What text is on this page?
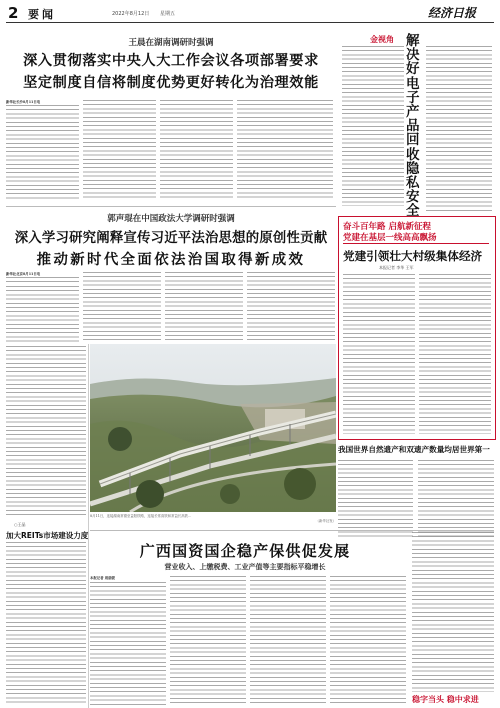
2 要闻	2022年8月12日 星期五	经济日报
王晨在湖南调研时强调
深入贯彻落实中央人大工作会议各项部署要求
坚定制度自信将制度优势更好转化为治理效能
新华社长沙8月11日电
金视角 解决好电子产品回收隐私安全
郭声琨在中国政法大学调研时强调
深入学习研究阐释宣传习近平法治思想的原创性贡献
推动新时代全面依法治国取得新成效
新华社北京8月11日电
奋斗百年路 启航新征程
党建在基层一线高高飘扬
党建引领壮大村级集体经济
本报记者 李华 王军
8月11日，连接湖南常德至益阳铁路，连接长常高铁和常益长高铁…
（新华社发）
○王晶
加大REITs市场建设力度
我国世界自然遗产和双遗产数量均居世界第一
广西国资国企稳产保供促发展
营业收入、上缴税费、工业产值等主要指标平稳增长
本报记者 周骁骏
稳字当头 稳中求进
